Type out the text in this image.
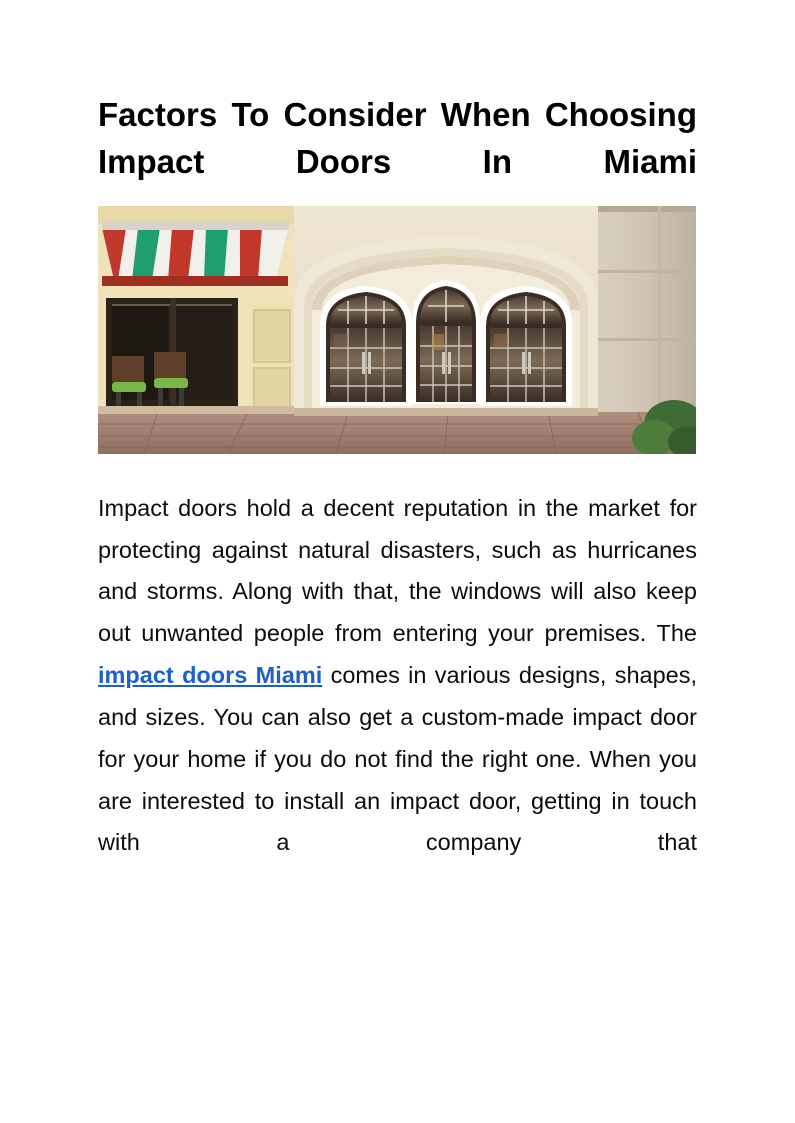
Factors To Consider When Choosing Impact Doors In Miami

Impact doors hold a decent reputation in the market for protecting against natural disasters, such as hurricanes and storms. Along with that, the windows will also keep out unwanted people from entering your premises. The impact doors Miami comes in various designs, shapes, and sizes. You can also get a custom-made impact door for your home if you do not find the right one. When you are interested to install an impact door, getting in touch with a company that
